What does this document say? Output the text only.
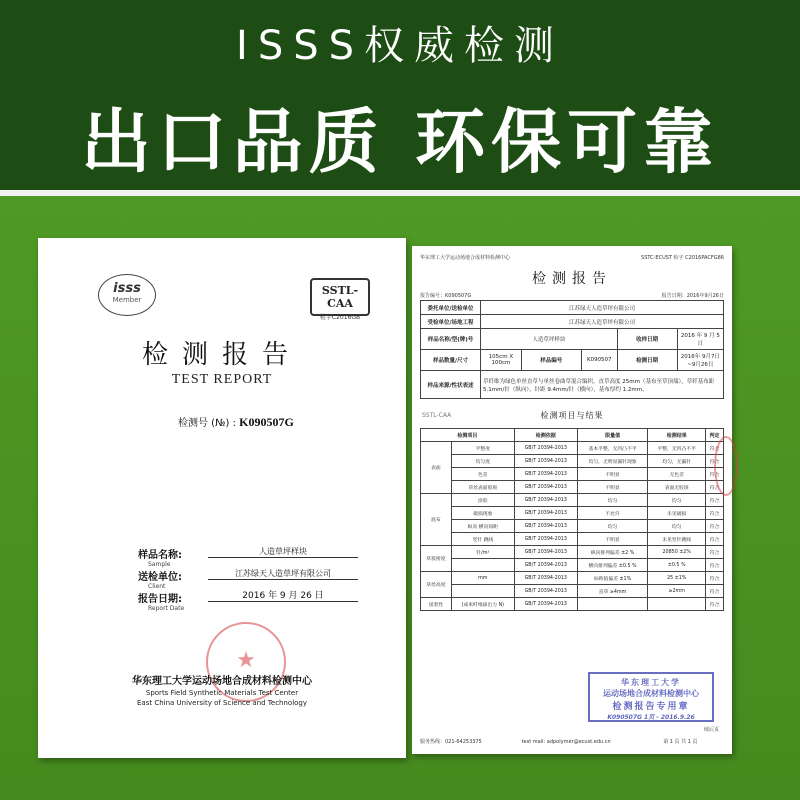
ISSS权威检测
出口品质 环保可靠
isss
Member
SSTL-CAA
检字C2016GB
检测报告
TEST REPORT
检测号 (№) : K090507G
样品名称:
Sample
人造草坪样块
送检单位:
Client
江苏绿天人造草坪有限公司
报告日期:
Report Date
2016 年 9 月 26 日
★
华东理工大学运动场地合成材料检测中心
Sports Field Synthetic Materials Test Center
East China University of Science and Technology
华东理工大学运动场地合成材料检测中心	SSTC-ECUST 检字 C2016PACFG86
检测报告
报告编号：K090507G	报告日期：2016年9月26日
委托单位/送检单位	江苏绿天人造草坪有限公司				
受检单位/场地工程	江苏绿天人造草坪有限公司				
样品名称/型(牌)号	人造草坪样块			收样日期	2016 年 9 月 5 日
样品数量/尺寸	105cm X 100cm	样品编号	K090507	检测日期	2016年 9月7日~9月26日
样品来源/性状表述	草纤维为绿色单丝直草与单丝卷曲草混合编织，直草高度 25mm（基布至草顶端），草纤基布距 5.1mm/针（纵向），针距 9.4mm/针（横向），基布厚约 1.2mm。				
SSTL-CAA	检测项目与结果
检测项目		检测依据	限量值	检测结果	判定
表面	平整度	GB/T 20394-2013	基本平整，无凹凸不平	平整，无凹凸不平	符合
	均匀度	GB/T 20394-2013	均匀，无明显漏针现象	均匀，无漏针	符合
	色差	GB/T 20394-2013	不明显	无色差	符合
	草丝表面胶斑	GB/T 20394-2013	不明显	表面无胶斑	符合
底布	涂胶	GB/T 20394-2013	均匀	均匀	符合
	破损现象	GB/T 20394-2013	不允许	未见破损	符合
	纵向 横向间距	GB/T 20394-2013	均匀	均匀	符合
	竖针 跳线	GB/T 20394-2013	不明显	未见竖针跳线	符合
草簇密度	针/m²	GB/T 20394-2013	纵向排列偏差 ±2 %	20850 ±2%	符合
		GB/T 20394-2013	横向排列偏差 ±0.5 %	±0.5 %	符合
草丝高度	mm	GB/T 20394-2013	标称值偏差 ±1%	25 ±1%	符合
		GB/T 20394-2013	直草 ≥4mm	≥2mm	符合
固着性	(成束纤维拔出力 N)	GB/T 20394-2013			符合
华东理工大学
运动场地合成材料检测中心
检测报告专用章
K090507G 1页 - 2016.9.26
续后页
服务热线：021-64253375	test mail: adpolymer@ecust.edu.cn	第 1 页 共 1 页
